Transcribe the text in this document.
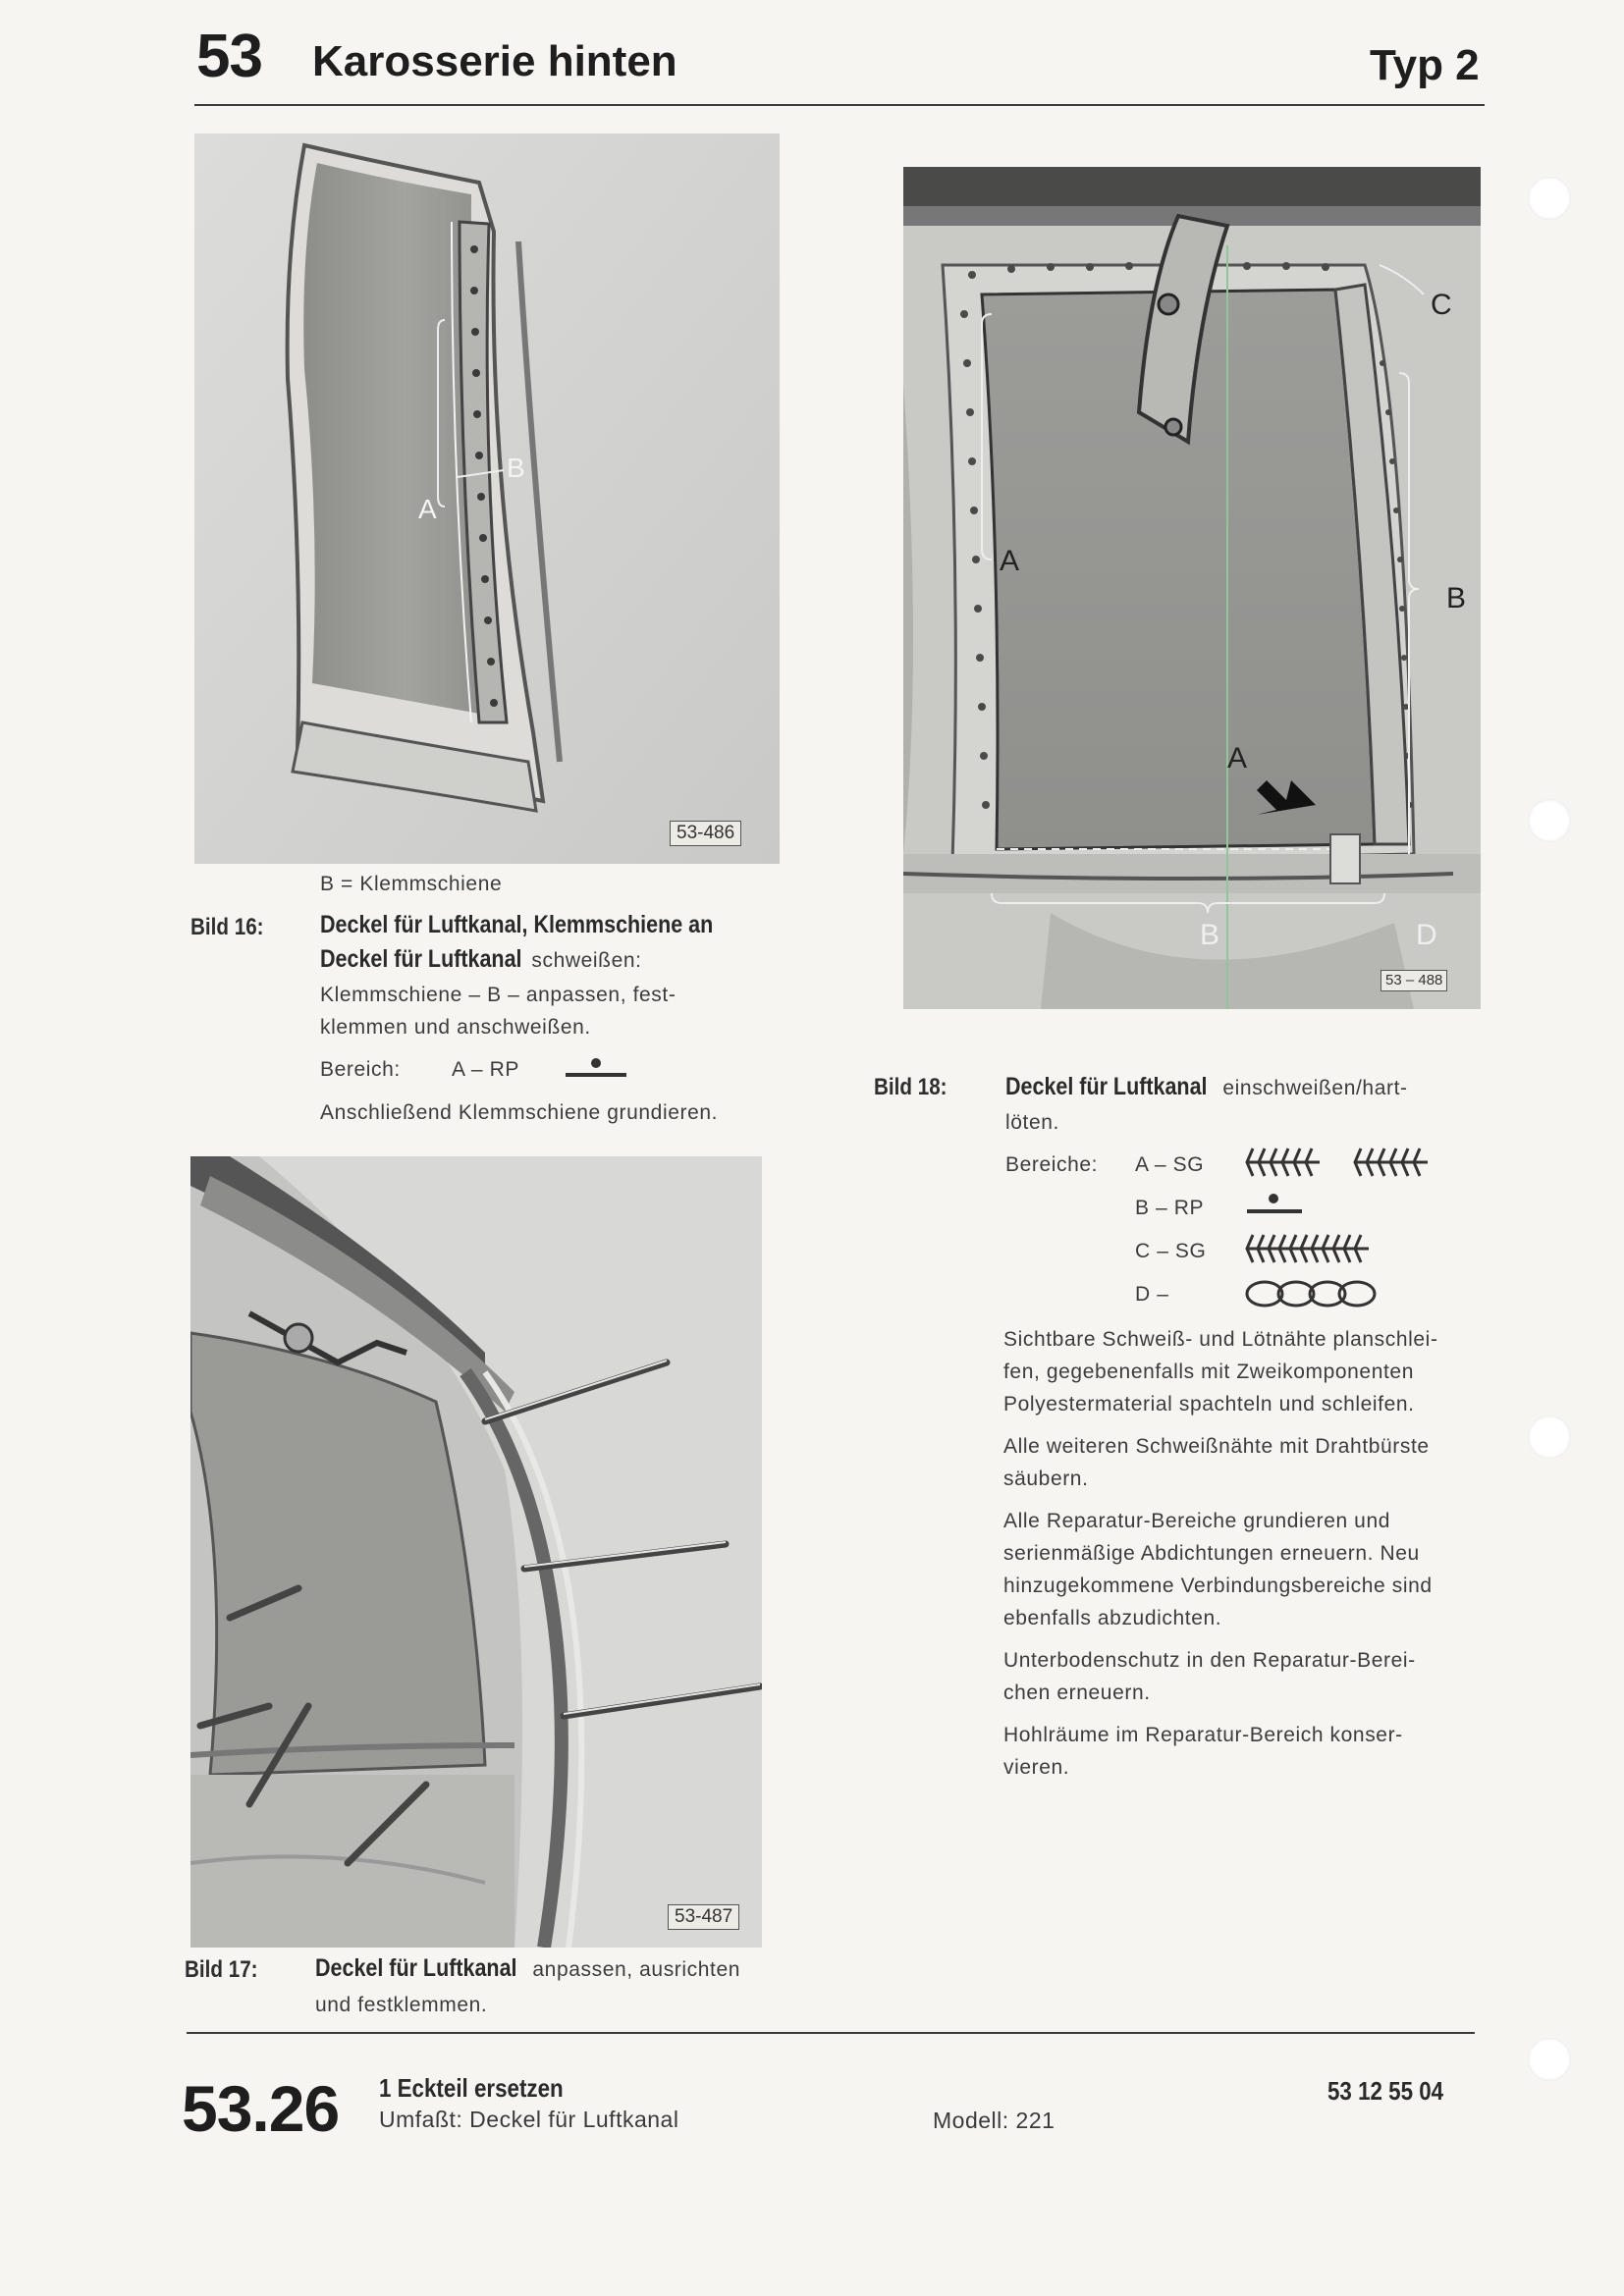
53 Karosserie hinten	Typ 2
A
B
53-486
B = Klemmschiene
Bild 16: Deckel für Luftkanal, Klemmschiene an
Deckel für Luftkanal schweißen:
Klemmschiene – B – anpassen, fest-
klemmen und anschweißen.
Bereich: A – RP
Anschließend Klemmschiene grundieren.
53-487
Bild 17: Deckel für Luftkanal anpassen, ausrichten
und festklemmen.
C
A
B
A
B	D
53 – 488
Bild 18: Deckel für Luftkanal einschweißen/hart-
löten.
Bereiche: A – SG
B – RP
C – SG
D –

Sichtbare Schweiß- und Lötnähte planschlei-
fen, gegebenenfalls mit Zweikomponenten
Polyestermaterial spachteln und schleifen.

Alle weiteren Schweißnähte mit Drahtbürste
säubern.

Alle Reparatur-Bereiche grundieren und
serienmäßige Abdichtungen erneuern. Neu
hinzugekommene Verbindungsbereiche sind
ebenfalls abzudichten.

Unterbodenschutz in den Reparatur-Berei-
chen erneuern.

Hohlräume im Reparatur-Bereich konser-
vieren.

53.26 1 Eckteil ersetzen
Umfaßt: Deckel für Luftkanal	Modell: 221
53 12 55 04
